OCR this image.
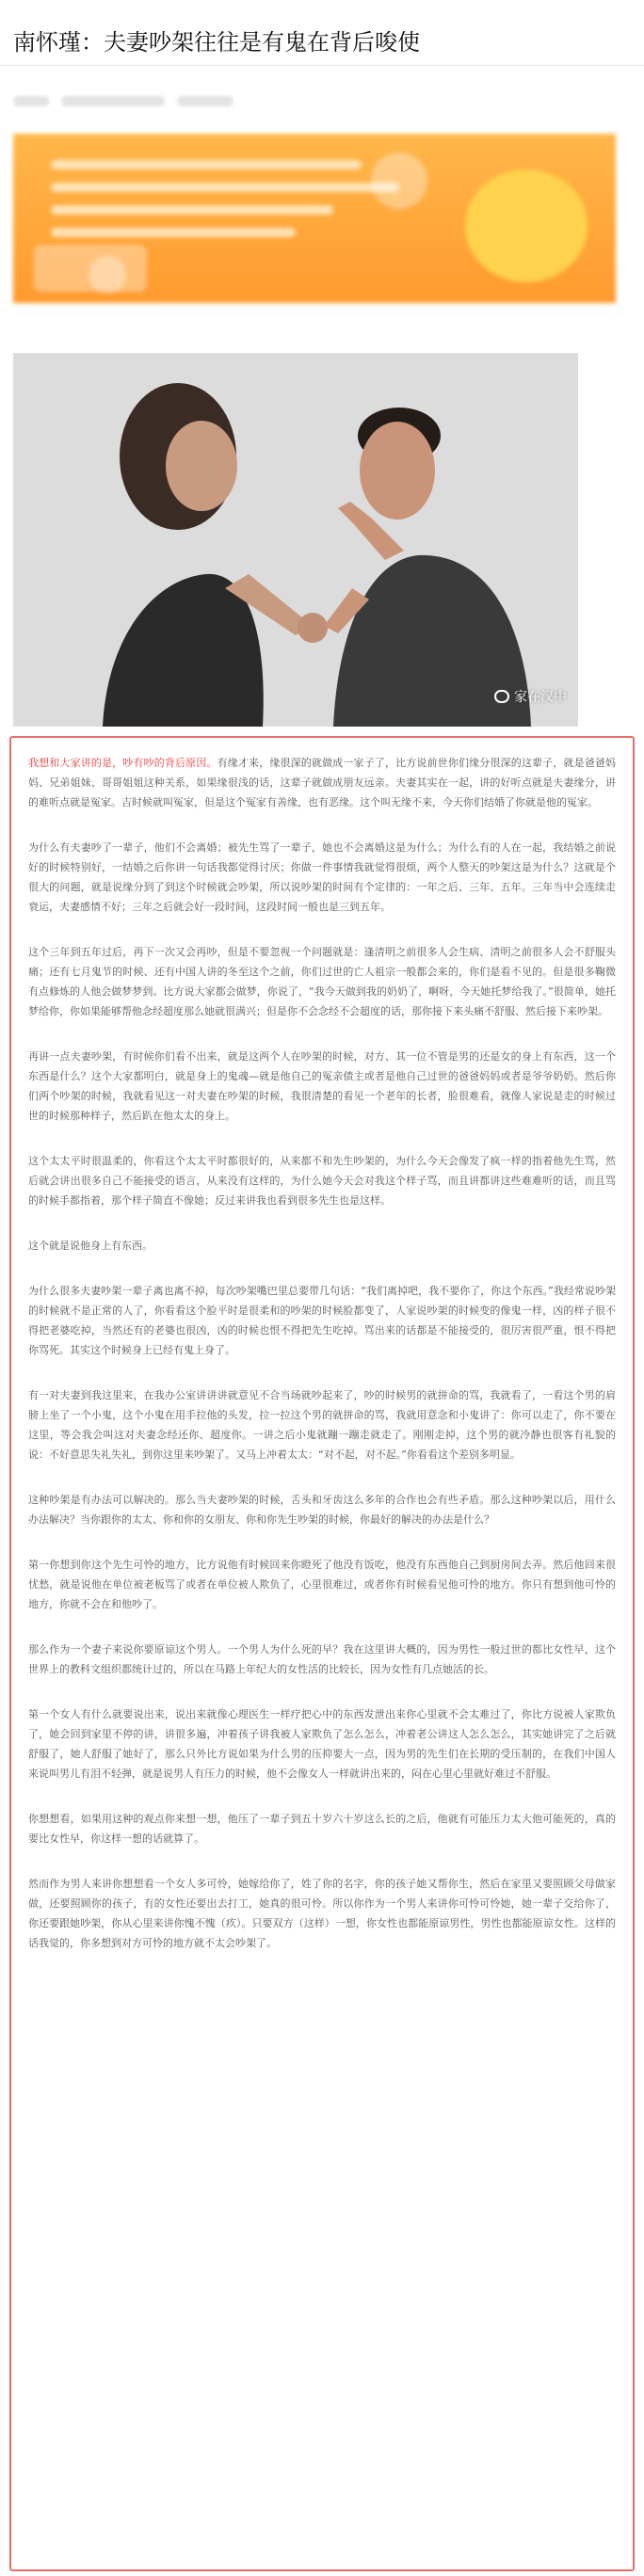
南怀瑾：夫妻吵架往往是有鬼在背后唆使

家在汉中

我想和大家讲的是，吵有吵的背后原因。有缘才来，缘很深的就做成一家子了，比方说前世你们缘分很深的这辈子，就是爸爸妈妈、兄弟姐妹、哥哥姐姐这种关系，如果缘很浅的话，这辈子就做成朋友远亲。夫妻其实在一起，讲的好听点就是夫妻缘分，讲的难听点就是冤家。吉时候就叫冤家，但是这个冤家有善缘，也有恶缘。这个叫无缘不来，今天你们结婚了你就是他的冤家。

为什么有夫妻吵了一辈子，他们不会离婚；被先生骂了一辈子，她也不会离婚这是为什么；为什么有的人在一起，我结婚之前说好的时候特别好，一结婚之后你讲一句话我都觉得讨厌；你做一件事情我就觉得很烦，两个人整天的吵架这是为什么？这就是个很大的问题，就是说缘分到了到这个时候就会吵架，所以说吵架的时间有个定律的：一年之后、三年、五年。三年当中会连续走衰运，夫妻感情不好；三年之后就会好一段时间，这段时间一般也是三到五年。

这个三年到五年过后，再下一次又会再吵，但是不要忽视一个问题就是：逢清明之前很多人会生病、清明之前很多人会不舒服头痛；还有七月鬼节的时候、还有中国人讲的冬至这个之前，你们过世的亡人祖宗一般都会来的，你们是看不见的。但是很多鞠微有点修炼的人他会做梦梦到。比方说大家都会做梦，你说了，“我今天做到我的奶奶了，啊呀，今天她托梦给我了。”很简单，她托梦给你，你如果能够帮他念经超度那么她就很满兴；但是你不会念经不会超度的话，那你接下来头痛不舒服、然后接下来吵架。

再讲一点夫妻吵架，有时候你们看不出来，就是这两个人在吵架的时候，对方、其一位不管是男的还是女的身上有东西，这一个东西是什么？这个大家都明白，就是身上的鬼魂—就是他自己的冤亲债主或者是他自己过世的爸爸妈妈或者是爷爷奶奶。然后你们两个吵架的时候，我就看见这一对夫妻在吵架的时候，我很清楚的看见一个老年的长者，脸很难看，就像人家说是走的时候过世的时候那种样子，然后趴在他太太的身上。

这个太太平时很温柔的，你看这个太太平时都很好的，从来都不和先生吵架的，为什么今天会像发了疯一样的指着他先生骂，然后就会讲出很多自己不能接受的语言，从来没有这样的，为什么她今天会对我这个样子骂，而且讲都讲这些难难听的话，而且骂的时候手都指着，那个样子简直不像她；反过来讲我也看到很多先生也是这样。

这个就是说他身上有东西。

为什么很多夫妻吵架一辈子离也离不掉，每次吵架嘴巴里总要带几句话：“我们离掉吧，我不要你了，你这个东西。”我经常说吵架的时候就不是正常的人了，你看看这个脸平时是很柔和的吵架的时候脸都变了，人家说吵架的时候变的像鬼一样，凶的样子很不得把老婆吃掉，当然还有的老婆也很凶，凶的时候也恨不得把先生吃掉。骂出来的话都是不能接受的，很厉害很严重，恨不得把你骂死。其实这个时候身上已经有鬼上身了。

有一对夫妻到我这里来，在我办公室讲讲讲就意见不合当场就吵起来了，吵的时候男的就拼命的骂，我就看了，一看这个男的肩膀上坐了一个小鬼，这个小鬼在用手拉他的头发，拉一拉这个男的就拼命的骂，我就用意念和小鬼讲了：你可以走了，你不要在这里，等会我会叫这对夫妻念经还你、超度你。一讲之后小鬼就蹦一蹦走就走了。刚刚走掉，这个男的就冷静也很客有礼貌的说：不好意思失礼失礼，到你这里来吵架了。又马上冲着太太：“对不起，对不起。”你看看这个差别多明显。

这种吵架是有办法可以解决的。那么当夫妻吵架的时候，舌头和牙齿这么多年的合作也会有些矛盾。那么这种吵架以后，用什么办法解决？当你跟你的太太、你和你的女朋友、你和你先生吵架的时候，你最好的解决的办法是什么？

第一你想到你这个先生可怜的地方，比方说他有时候回来你瞪死了他没有饭吃，他没有东西他自己到厨房间去弄。然后他回来很忧愁，就是说他在单位被老板骂了或者在单位被人欺负了，心里很难过，或者你有时候看见他可怜的地方。你只有想到他可怜的地方，你就不会在和他吵了。

那么作为一个妻子来说你要原谅这个男人。一个男人为什么死的早？我在这里讲大概的，因为男性一般过世的都比女性早，这个世界上的教科文组织都统计过的，所以在马路上年纪大的女性活的比较长，因为女性有几点她活的长。

第一个女人有什么就要说出来，说出来就像心理医生一样疗把心中的东西发泄出来你心里就不会太难过了，你比方说被人家欺负了，她会回到家里不停的讲，讲很多遍，冲着孩子讲我被人家欺负了怎么怎么，冲着老公讲这人怎么怎么，其实她讲完了之后就舒服了，她人舒服了她好了，那么只外比方说如果为什么男的压抑要大一点，因为男的先生们在长期的受压制的，在我们中国人来说叫男儿有泪不轻弹，就是说男人有压力的时候，他不会像女人一样就讲出来的，闷在心里心里就好难过不舒服。

你想想看，如果用这种的观点你来想一想，他压了一辈子到五十岁六十岁这么长的之后，他就有可能压力太大他可能死的，真的要比女性早，你这样一想的话就算了。

然而作为男人来讲你想想看一个女人多可怜，她嫁给你了，姓了你的名字，你的孩子她又帮你生，然后在家里又要照顾父母做家做，还要照顾你的孩子，有的女性还要出去打工，她真的很可怜。所以你作为一个男人来讲你可怜可怜她，她一辈子交给你了，你还要跟她吵架，你从心里来讲你愧不愧（疚）。只要双方（这样）一想，你女性也都能原谅男性，男性也都能原谅女性。这样的话我觉的，你多想到对方可怜的地方就不太会吵架了。
